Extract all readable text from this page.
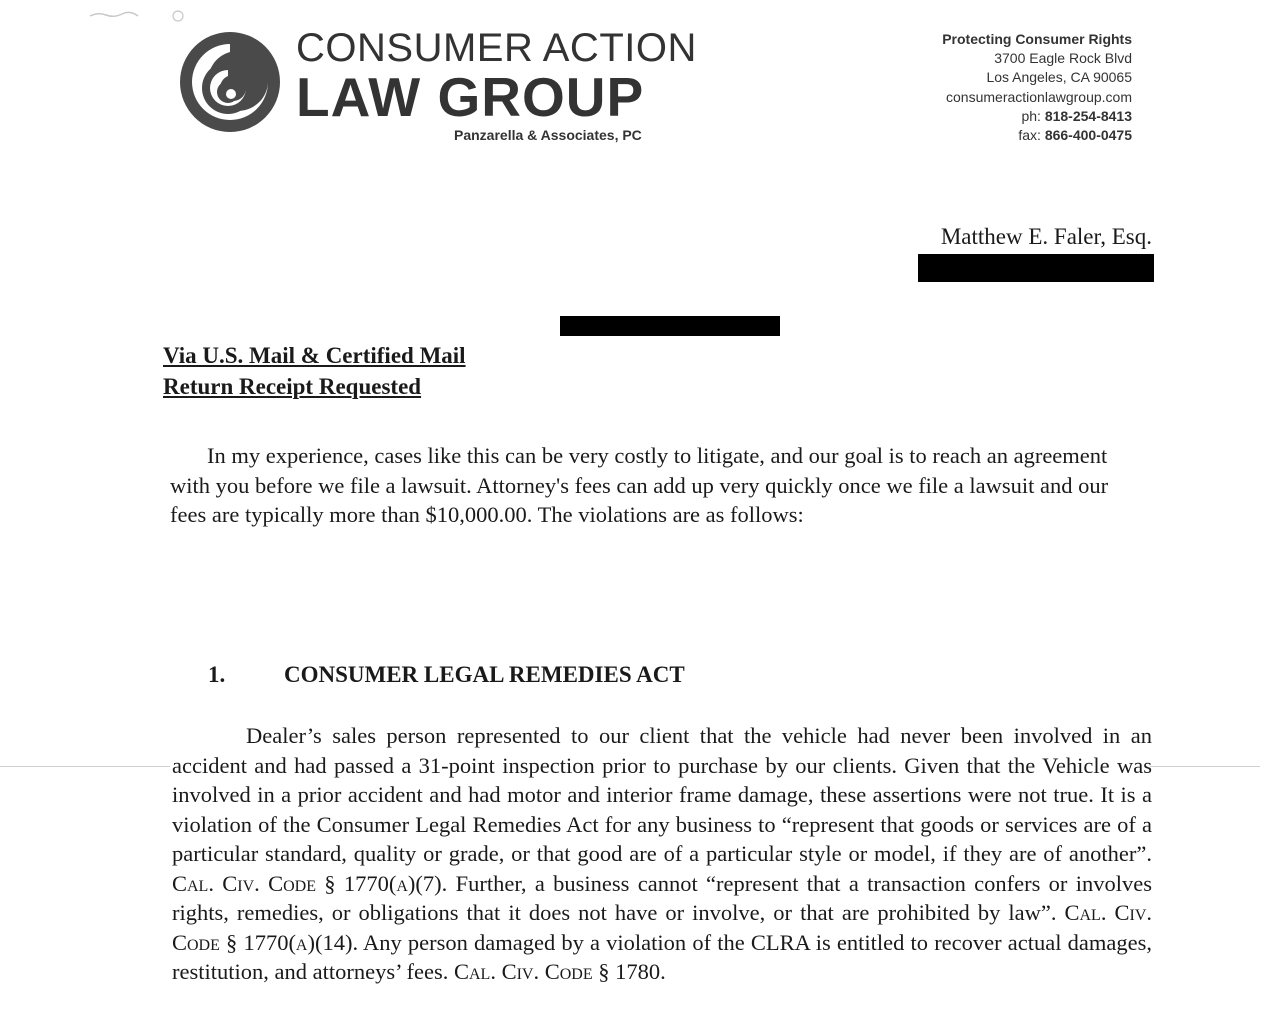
CONSUMER ACTION
LAW GROUP
Panzarella & Associates, PC
Protecting Consumer Rights
3700 Eagle Rock Blvd
Los Angeles, CA 90065
consumeractionlawgroup.com
ph: 818-254-8413
fax: 866-400-0475
Matthew E. Faler, Esq.
Via U.S. Mail & Certified Mail
Return Receipt Requested
In my experience, cases like this can be very costly to litigate, and our goal is to reach an agreement with you before we file a lawsuit. Attorney's fees can add up very quickly once we file a lawsuit and our fees are typically more than $10,000.00. The violations are as follows:
1.	CONSUMER LEGAL REMEDIES ACT
Dealer’s sales person represented to our client that the vehicle had never been involved in an accident and had passed a 31-point inspection prior to purchase by our clients. Given that the Vehicle was involved in a prior accident and had motor and interior frame damage, these assertions were not true. It is a violation of the Consumer Legal Remedies Act for any business to “represent that goods or services are of a particular standard, quality or grade, or that good are of a particular style or model, if they are of another”. Cal. Civ. Code § 1770(a)(7). Further, a business cannot “represent that a transaction confers or involves rights, remedies, or obligations that it does not have or involve, or that are prohibited by law”. Cal. Civ. Code § 1770(a)(14). Any person damaged by a violation of the CLRA is entitled to recover actual damages, restitution, and attorneys’ fees. Cal. Civ. Code § 1780.
